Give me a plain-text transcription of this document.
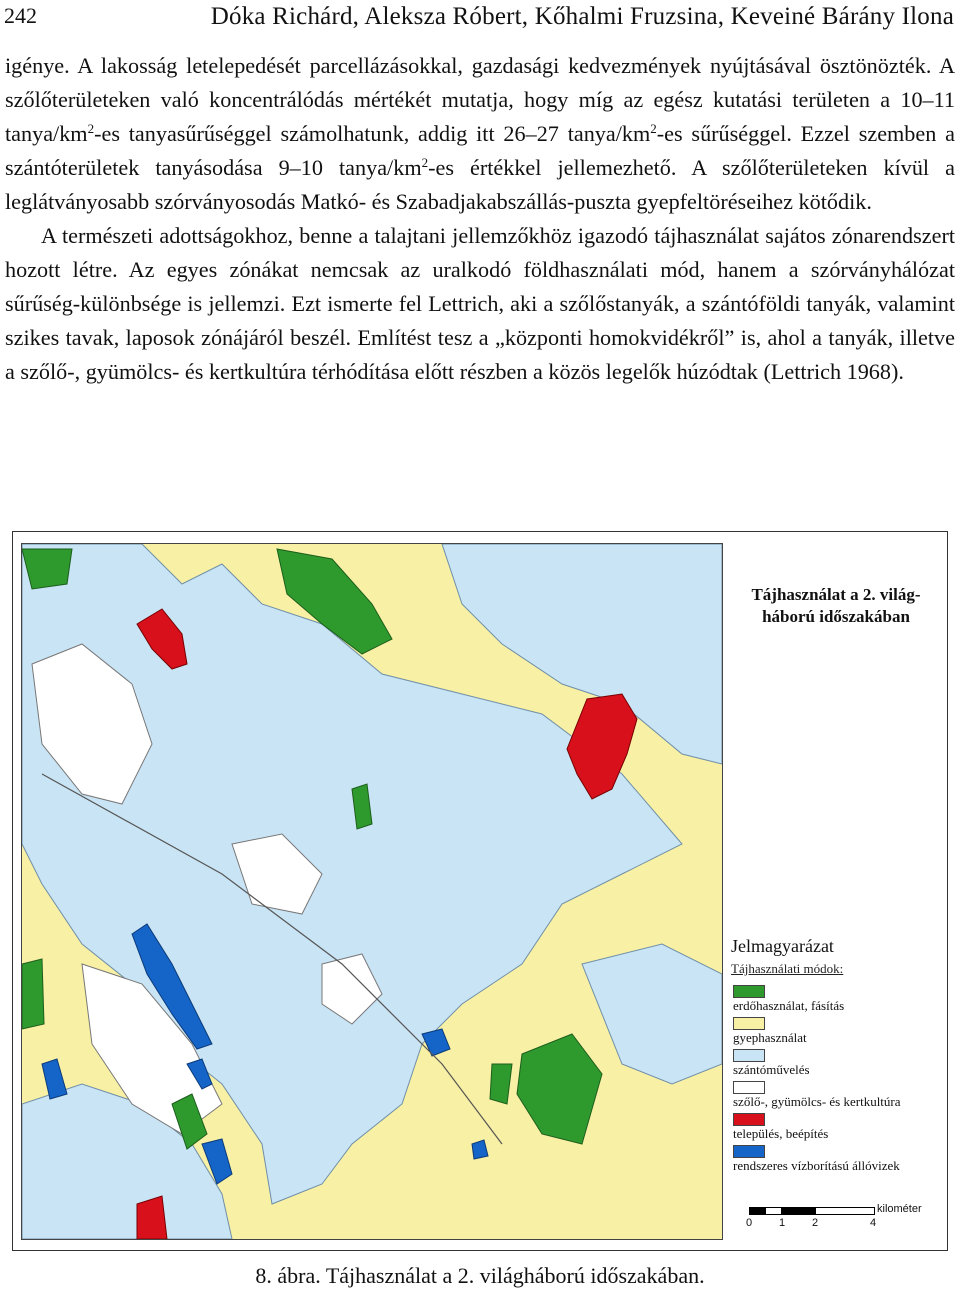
242	Dóka Richárd, Aleksza Róbert, Kőhalmi Fruzsina, Keveiné Bárány Ilona

igénye. A lakosság letelepedését parcellázásokkal, gazdasági kedvezmények nyújtásával ösztönözték. A szőlőterületeken való koncentrálódás mértékét mutatja, hogy míg az egész kutatási területen a 10–11 tanya/$km^2-es$ tanyasűrűséggel számolhatunk, addig itt 26–27 tanya/$km^2-es$ sűrűséggel. Ezzel szemben a szántóterületek tanyásodása 9–10 tanya/$km^2-es$ értékkel jellemezhető. A szőlőterületeken kívül a leglátványosabb szórványosodás Matkó- és Szabadjakabszállás-puszta gyepfeltöréseihez kötődik.

A természeti adottságokhoz, benne a talajtani jellemzőkhöz igazodó tájhasználat sajátos zónarendszert hozott létre. Az egyes zónákat nemcsak az uralkodó földhasználati mód, hanem a szórványhálózat sűrűség-különbsége is jellemzi. Ezt ismerte fel Lettrich, aki a szőlőstanyák, a szántóföldi tanyák, valamint szikes tavak, laposok zónájáról beszél. Említést tesz a „központi homokvidékről” is, ahol a tanyák, illetve a szőlő-, gyümölcs- és kertkultúra térhódítása előtt részben a közös legelők húzódtak (Lettrich 1968).

Tájhasználat a 2. világ-
háború időszakában
Jelmagyarázat
Tájhasználati módok:
erdőhasználat, fásítás
gyephasználat
szántóművelés
szőlő-, gyümölcs- és kertkultúra
település, beépítés
rendszeres vízborítású állóvizek
kilométer
0 1 2	4
8. ábra. Tájhasználat a 2. világháború időszakában.
